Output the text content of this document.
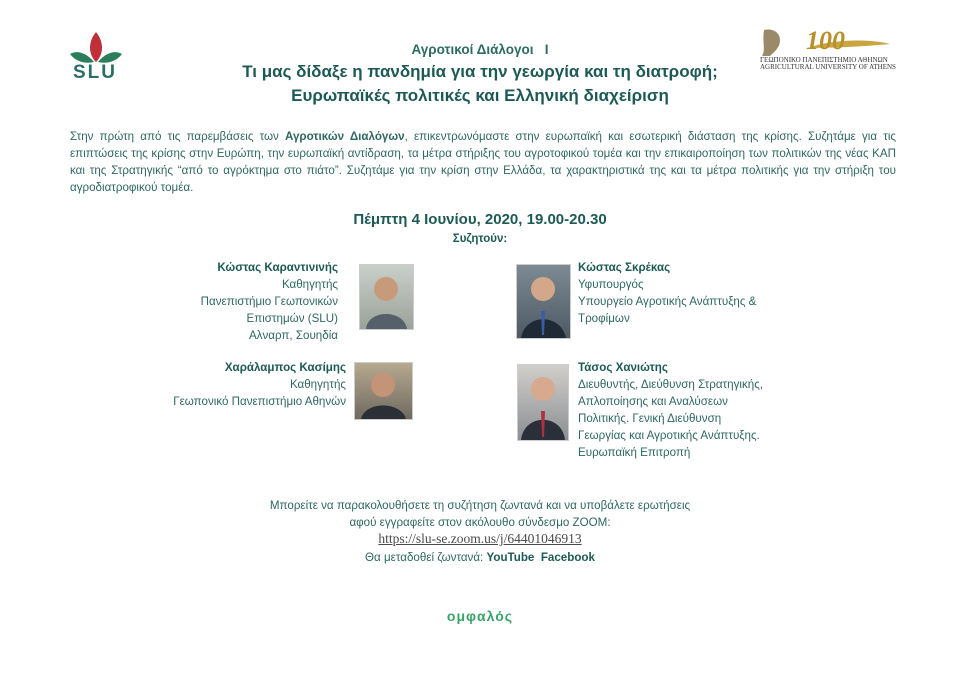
SLU
100
ΓΕΩΠΟΝΙΚΟ ΠΑΝΕΠΙΣΤΗΜΙΟ ΑΘΗΝΩΝ
AGRICULTURAL UNIVERSITY OF ATHENS
Αγροτικοί Διάλογοι   Ι
Τι μας δίδαξε η πανδημία για την γεωργία και τη διατροφή;
Ευρωπαϊκές πολιτικές και Ελληνική διαχείριση
Στην πρώτη από τις παρεμβάσεις των Αγροτικών Διαλόγων, επικεντρωνόμαστε στην ευρωπαϊκή και εσωτερική διάσταση της κρίσης. Συζητάμε για τις επιπτώσεις της κρίσης στην Ευρώπη, την ευρωπαϊκή αντίδραση, τα μέτρα στήριξης του αγροτοφικού τομέα και την επικαιροποίηση των πολιτικών της νέας ΚΑΠ και της Στρατηγικής “από το αγρόκτημα στο πιάτο”. Συζητάμε για την κρίση στην Ελλάδα, τα χαρακτηριστικά της και τα μέτρα πολιτικής για την στήριξη του αγροδιατροφικού τομέα.
Πέμπτη 4 Ιουνίου, 2020, 19.00-20.30
Συζητούν:
Κώστας Καραντινινής
Καθηγητής
Πανεπιστήμιο Γεωπονικών
Επιστημών (SLU)
Αλναρπ, Σουηδία
Κώστας Σκρέκας
Υφυπουργός
Υπουργείο Αγροτικής Ανάπτυξης &
Τροφίμων
Χαράλαμπος Κασίμης
Καθηγητής
Γεωπονικό Πανεπιστήμιο Αθηνών
Τάσος Χανιώτης
Διευθυντής, Διεύθυνση Στρατηγικής,
Απλοποίησης και Αναλύσεων
Πολιτικής. Γενική Διεύθυνση
Γεωργίας και Αγροτικής Ανάπτυξης.
Ευρωπαϊκή Επιτροπή
Μπορείτε να παρακολουθήσετε τη συζήτηση ζωντανά και να υποβάλετε ερωτήσεις
αφού εγγραφείτε στον ακόλουθο σύνδεσμο ZOOM:
https://slu-se.zoom.us/j/64401046913
Θα μεταδοθεί ζωντανά: YouTube Facebook
ομφαλός
